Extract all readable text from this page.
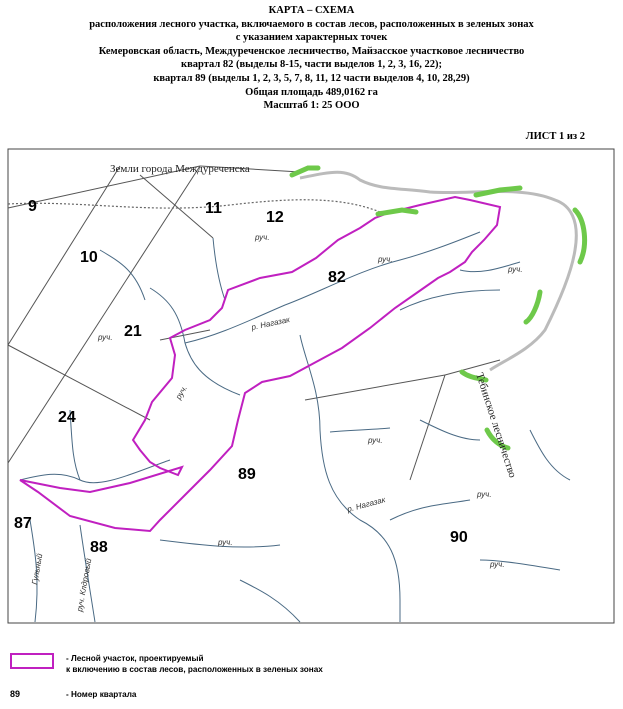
КАРТА – СХЕМА
расположения лесного участка, включаемого в состав лесов, расположенных в зеленых зонах
с указанием характерных точек
Кемеровская область, Междуреченское лесничество, Майзасское участковое лесничество
квартал 82 (выделы 8-15, части выделов 1, 2, 3, 16, 22);
квартал 89 (выделы 1, 2, 3, 5, 7, 8, 11, 12 части выделов 4, 10, 28,29)
Общая площадь 489,0162 га
Масштаб 1: 25 ООО
ЛИСТ 1 из 2
Земли города Междуреченска
Тебинское лесничество
9	11
12
10
82
21
24
89
87
88
90
р. Нагазак
р. Нагазак
руч.
руч.
руч.
руч.
руч.
руч.
руч.
руч.
руч.
Гульный	руч. Клдровый
- Лесной участок, проектируемый
к включению в состав лесов, расположенных в зеленых зонах
89	- Номер квартала
